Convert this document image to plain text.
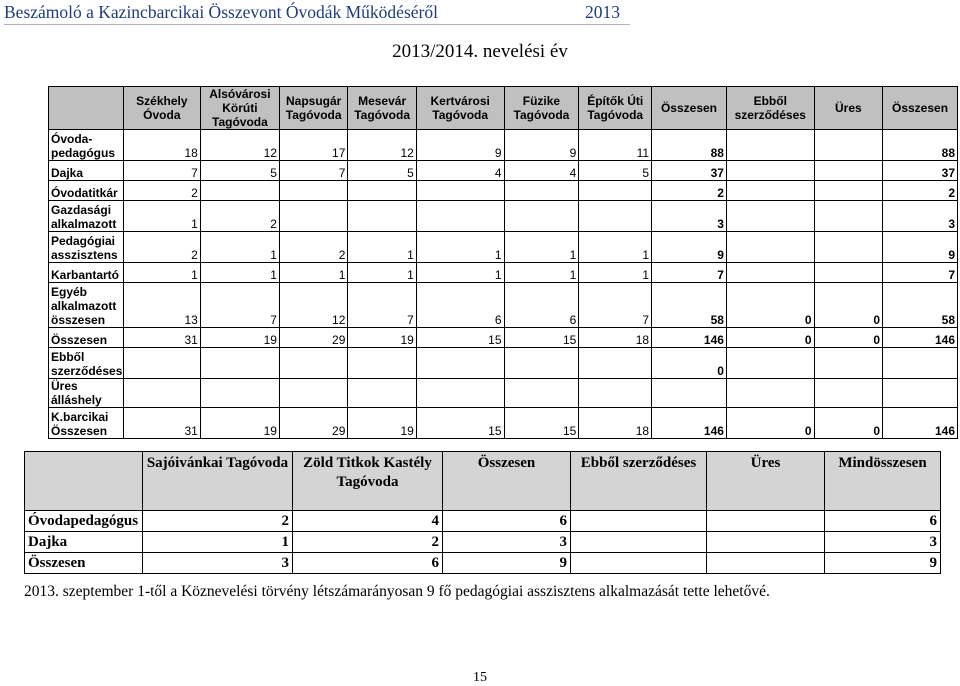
Beszámoló a Kazincbarcikai Összevont Óvodák Működéséről	2013
2013/2014. nevelési év
	Székhely Óvoda	Alsóvárosi Körúti Tagóvoda	Napsugár Tagóvoda	Mesevár Tagóvoda	Kertvárosi Tagóvoda	Füzike Tagóvoda	Építők Úti Tagóvoda	Összesen	Ebből szerződéses	Üres	Összesen
Óvoda-pedagógus	18	12	17	12	9	9	11	88			88
Dajka	7	5	7	5	4	4	5	37			37
Óvodatitkár	2							2			2
Gazdasági alkalmazott	1	2						3			3
Pedagógiai asszisztens	2	1	2	1	1	1	1	9			9
Karbantartó	1	1	1	1	1	1	1	7			7
Egyéb alkalmazott összesen	13	7	12	7	6	6	7	58	0	0	58
Összesen	31	19	29	19	15	15	18	146	0	0	146
Ebből szerződéses								0			
Üres álláshely											
K.barcikai Összesen	31	19	29	19	15	15	18	146	0	0	146
	Sajóivánkai Tagóvoda	Zöld Titkok Kastély Tagóvoda	Összesen	Ebből szerződéses	Üres	Mindösszesen
Óvodapedagógus	2	4	6			6
Dajka	1	2	3			3
Összesen	3	6	9			9
2013. szeptember 1-től a Köznevelési törvény létszámarányosan 9 fő pedagógiai asszisztens alkalmazását tette lehetővé.
15
